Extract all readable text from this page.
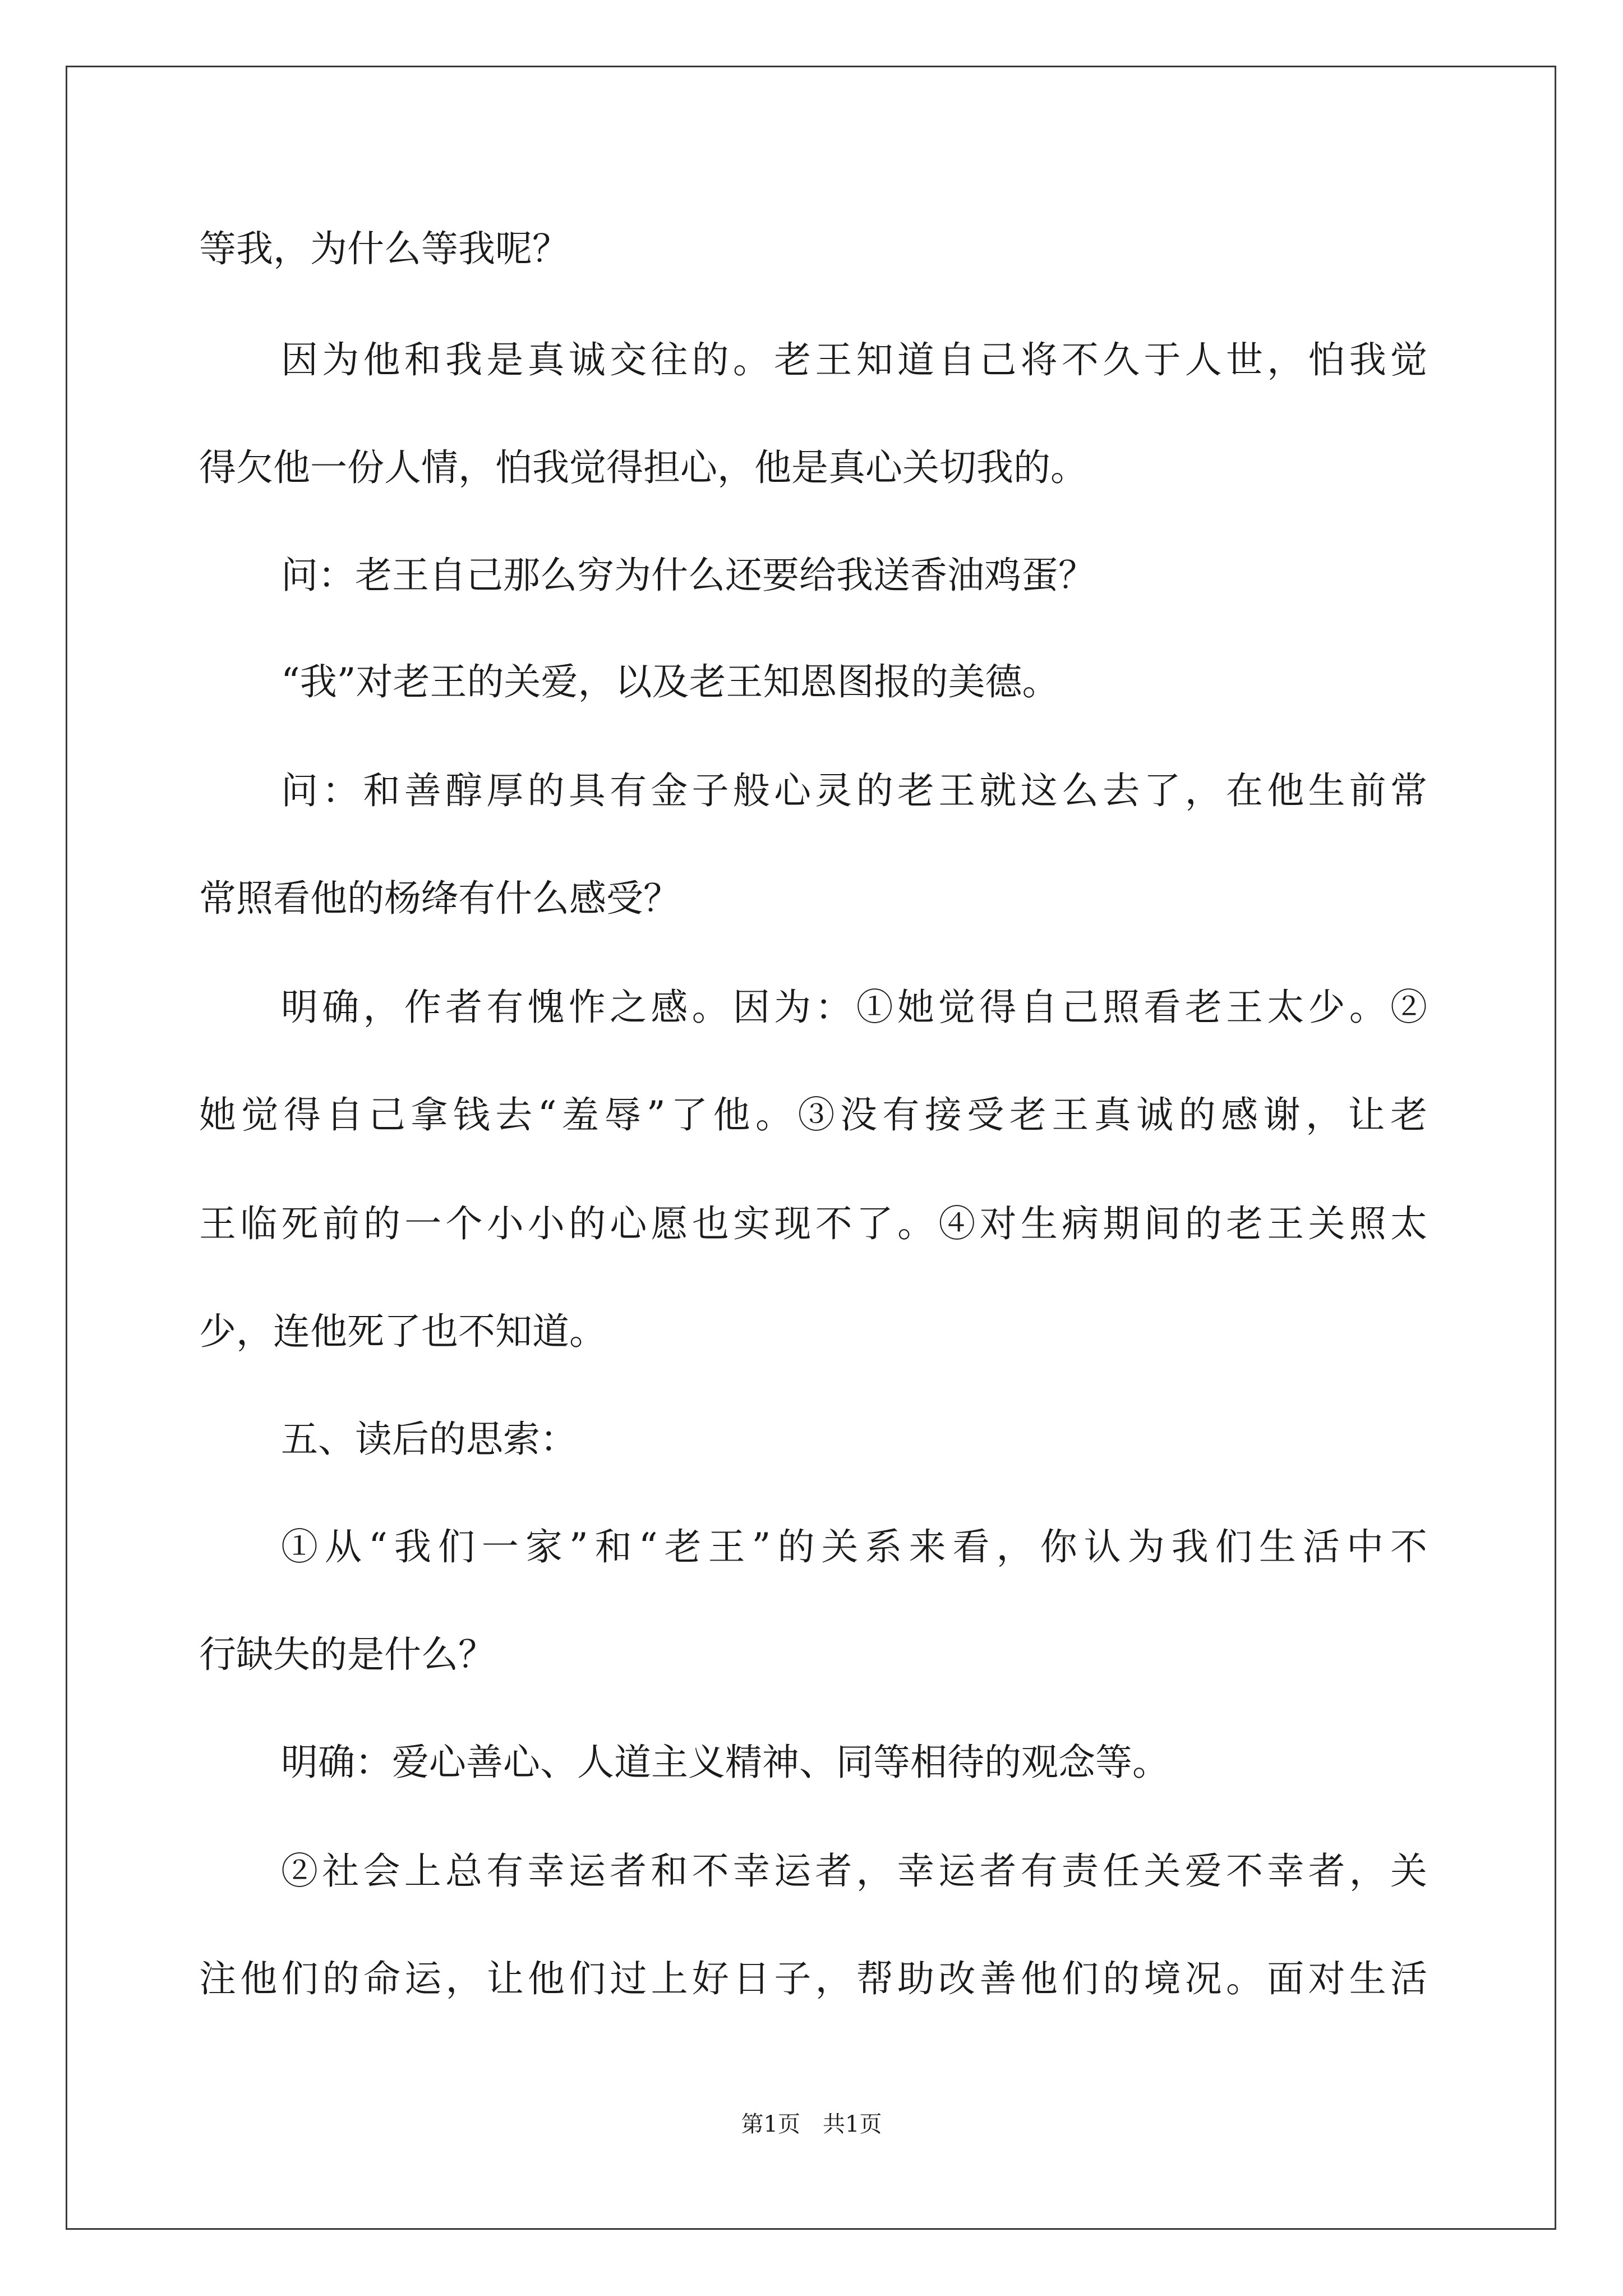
等我，为什么等我呢？
因为他和我是真诚交往的。老王知道自己将不久于人世，怕我觉
得欠他一份人情，怕我觉得担心，他是真心关切我的。
问：老王自己那么穷为什么还要给我送香油鸡蛋？
“我”对老王的关爱，以及老王知恩图报的美德。
问：和善醇厚的具有金子般心灵的老王就这么去了，在他生前常
常照看他的杨绛有什么感受？
明确，作者有愧怍之感。因为：①她觉得自己照看老王太少。②
她觉得自己拿钱去“羞辱”了他。③没有接受老王真诚的感谢，让老
王临死前的一个小小的心愿也实现不了。④对生病期间的老王关照太
少，连他死了也不知道。
五、读后的思索：
①从“我们一家”和“老王”的关系来看，你认为我们生活中不
行缺失的是什么？
明确：爱心善心、人道主义精神、同等相待的观念等。
②社会上总有幸运者和不幸运者，幸运者有责任关爱不幸者，关
注他们的命运，让他们过上好日子，帮助改善他们的境况。面对生活
第1页 共1页
